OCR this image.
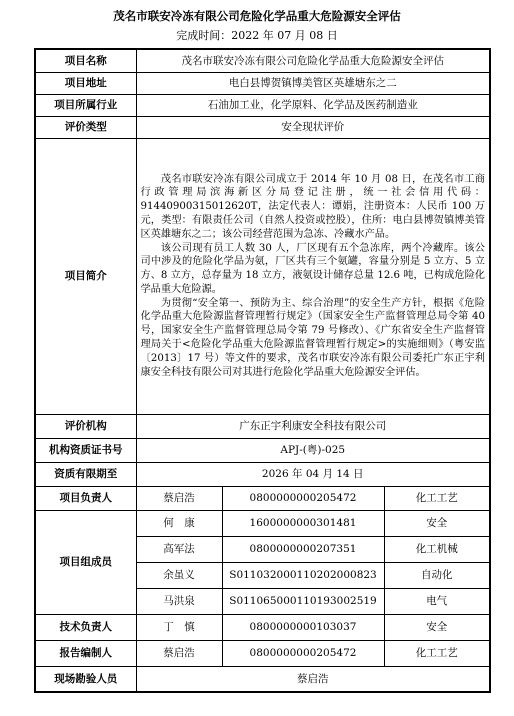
茂名市联安冷冻有限公司危险化学品重大危险源安全评估
完成时间：2022 年 07 月 08 日
项目名称	茂名市联安冷冻有限公司危险化学品重大危险源安全评估		
项目地址	电白县博贺镇博美管区英雄塘东之二		
项目所属行业	石油加工业，化学原料、化学品及医药制造业		
评价类型	安全现状评价		
项目简介	茂名市联安冷冻有限公司成立于 2014 年 10 月 08 日，在茂名市工商行政管理局滨海新区分局登记注册，统一社会信用代码：91440900315012620T，法定代表人：谭娟，注册资本：人民币 100 万元，类型：有限责任公司（自然人投资或控股），住所：电白县博贺镇博美管区英雄塘东之二；该公司经营范围为急冻、冷藏水产品。

该公司现有员工人数 30 人，厂区现有五个急冻库，两个冷藏库。该公司中涉及的危险化学品为氨，厂区共有三个氨罐，容量分别是 5 立方、5 立方、8 立方，总存量为 18 立方，液氨设计储存总量 12.6 吨，已构成危险化学品重大危险源。

为贯彻“安全第一、预防为主、综合治理”的安全生产方针，根据《危险化学品重大危险源监督管理暂行规定》（国家安全生产监督管理总局令第 40 号，国家安全生产监督管理总局令第 79 号修改）、《广东省安全生产监督管理局关于<危险化学品重大危险源监督管理暂行规定>的实施细则》（粤安监〔2013〕17 号）等文件的要求，茂名市联安冷冻有限公司委托广东正宇利康安全科技有限公司对其进行危险化学品重大危险源安全评估。		

评价机构	广东正宇利康安全科技有限公司		
机构资质证书号	APJ-(粤)-025		
资质有限期至	2026 年 04 月 14 日		
项目负责人	蔡启浩	0800000000205472	化工工艺
项目组成员	何　康	1600000000301481	安全
	高军法	0800000000207351	化工机械
	余虽义	S011032000110202000823	自动化
	马洪泉	S011065000110193002519	电气
技术负责人	丁　慎	0800000000103037	安全
报告编制人	蔡启浩	0800000000205472	化工工艺
现场勘验人员	蔡启浩		
